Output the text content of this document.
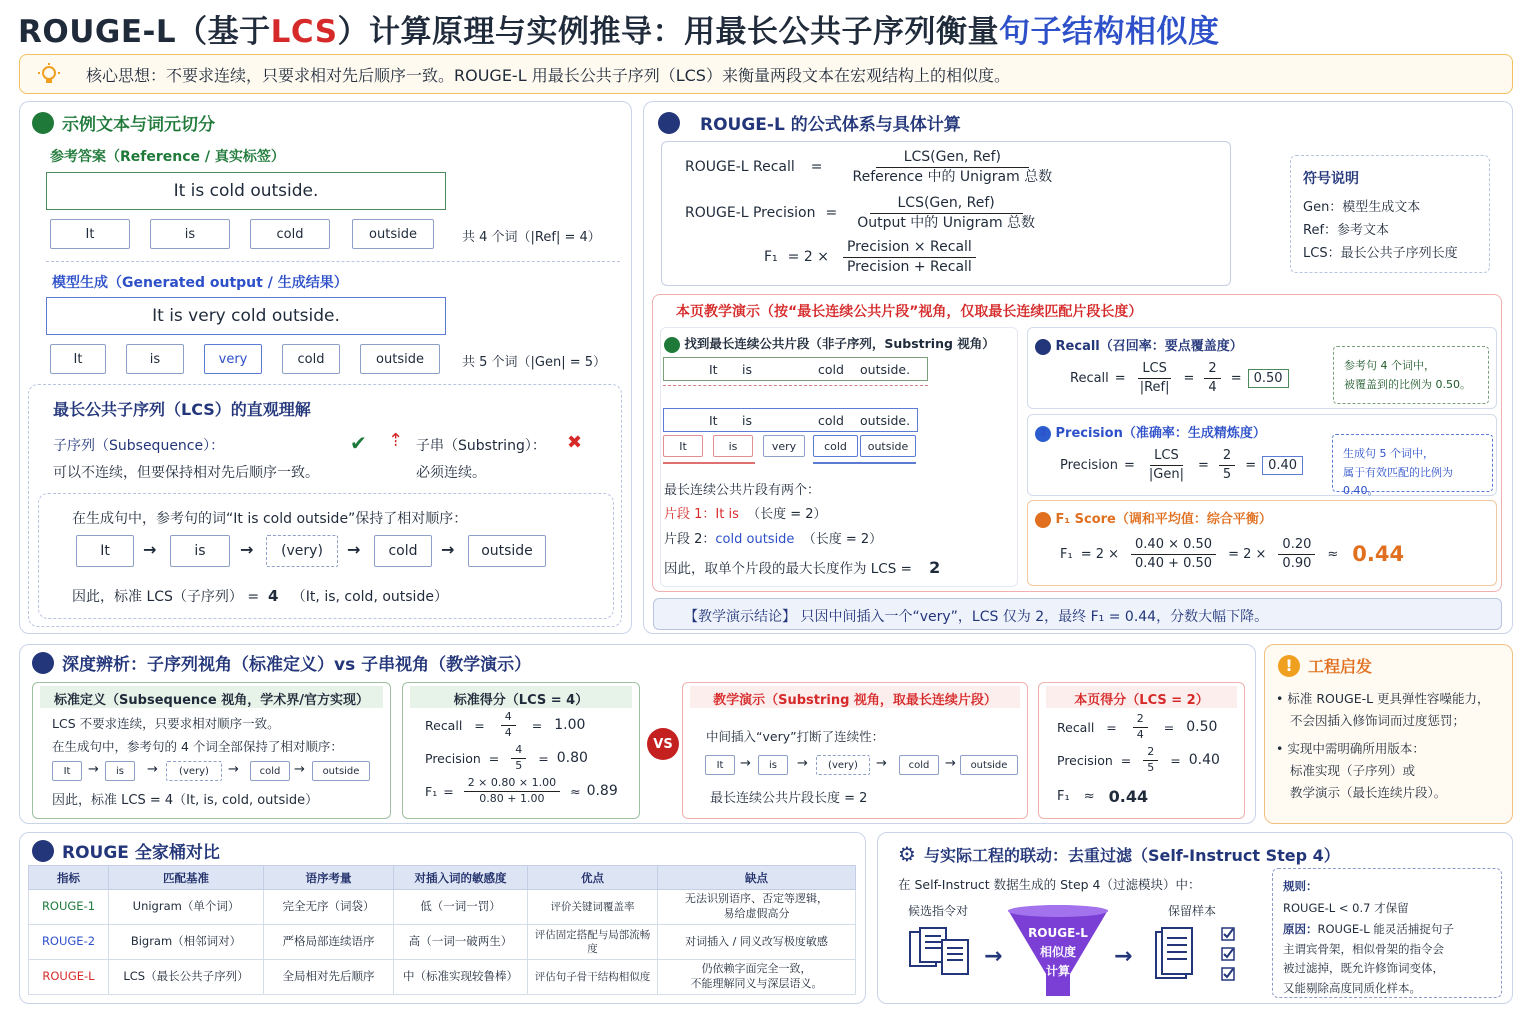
ROUGE-L（基于LCS）计算原理与实例推导：用最长公共子序列衡量句子结构相似度
核心思想：不要求连续，只要求相对先后顺序一致。ROUGE-L 用最长公共子序列（LCS）来衡量两段文本在宏观结构上的相似度。
1 示例文本与词元切分
参考答案（Reference / 真实标签）
It is cold outside.
It	is	cold	outside	共 4 个词（|Ref| = 4）
模型生成（Generated output / 生成结果）
It is very cold outside.
It	is	very	cold	outside	共 5 个词（|Gen| = 5）
最长公共子序列（LCS）的直观理解
子序列（Subsequence）：
可以不连续，但要保持相对先后顺序一致。
✔ ⇡ 子串（Substring）： ✖
必须连续。
在生成句中，参考句的词“It is cold outside”保持了相对顺序：
It	→	is	→	(very)	→	cold	→	outside
因此，标准 LCS（子序列） = 4 （It, is, cold, outside）
2	ROUGE-L 的公式体系与具体计算
ROUGE-L Recall = $\frac{\text{LCS(Gen, Ref)}}{\text{Reference 中的 Unigram 总数}}$
ROUGE-L Precision = $\frac{\text{LCS(Gen, Ref)}}{\text{Output 中的 Unigram 总数}}$
$F_1 = 2 \times \frac{\text{Precision × Recall}}{\text{Precision + Recall}}$
符号说明
Gen：模型生成文本
Ref：参考文本
LCS：最长公共子序列长度
本页教学演示（按“最长连续公共片段”视角，仅取最长连续匹配片段长度）
1 找到最长连续公共片段（非子序列，Substring 视角）
It is	cold outside.
It is	cold outside.
It	is	very	cold	outside
最长连续公共片段有两个：
片段 1：It is （长度 = 2）
片段 2：cold outside （长度 = 2）
因此，取单个片段的最大长度作为 LCS = 2
2 Recall（召回率：要点覆盖度）
Recall = $\frac{\text{LCS}}{\text{|Ref|}} = \frac{2}{4} = 0.50$
参考句 4 个词中，
被覆盖到的比例为 0.50。
3 Precision（准确率：生成精炼度）
Precision = $\frac{\text{LCS}}{\text{|Gen|}} = \frac{2}{5} = 0.40$
生成句 5 个词中，
属于有效匹配的比例为 0.40。
4 F₁ Score（调和平均值：综合平衡）
$F_1 = 2 \times \frac{0.40 \times 0.50}{0.40 + 0.50} = 2 \times \frac{0.20}{0.90} \approx 0.44$
【教学演示结论】 只因中间插入一个“very”，LCS 仅为 2，最终 F₁ = 0.44，分数大幅下降。
3 深度辨析：子序列视角（标准定义）vs 子串视角（教学演示）
标准定义（Subsequence 视角，学术界/官方实现）
LCS 不要求连续，只要求相对顺序一致。
在生成句中，参考句的 4 个词全部保持了相对顺序：
It	→	is	→	(very)	→	cold	→	outside
因此，标准 LCS = 4（It, is, cold, outside）
标准得分（LCS = 4）
Recall = $\frac{4}{4} = 1.00$
Precision = $\frac{4}{5} = 0.80$
$F_1 = \frac{2 \times 0.80 \times 1.00}{0.80 + 1.00} \approx 0.89$
VS
教学演示（Substring 视角，取最长连续片段）
中间插入“very”打断了连续性：
It	→	is	→	(very)	→	cold	→	outside
最长连续公共片段长度 = 2
本页得分（LCS = 2）
Recall = $\frac{2}{4} = 0.50$
Precision = $\frac{2}{5} = 0.40$
F₁ ≈ 0.44
! 工程启发
• 标准 ROUGE-L 更具弹性容噪能力，
不会因插入修饰词而过度惩罚；
• 实现中需明确所用版本：
标准实现（子序列）或
教学演示（最长连续片段）。
4 ROUGE 全家桶对比
指标	匹配基准	语序考量	对插入词的敏感度	优点	缺点
ROUGE-1	Unigram（单个词）	完全无序（词袋）	低（一词一罚）	评价关键词覆盖率	无法识别语序、否定等逻辑，
易给虚假高分
ROUGE-2	Bigram（相邻词对）	严格局部连续语序	高（一词一破两生）	评估固定搭配与局部流畅度	对词插入 / 同义改写极度敏感
ROUGE-L	LCS（最长公共子序列）	全局相对先后顺序	中（标准实现较鲁棒）	评估句子骨干结构相似度	仍依赖字面完全一致，
不能理解同义与深层语义。
⚙ 与实际工程的联动：去重过滤（Self-Instruct Step 4）
在 Self-Instruct 数据生成的 Step 4（过滤模块）中：
候选指令对
→
ROUGE-L
相似度
计算
→
保留样本
规则：
ROUGE-L < 0.7 才保留
原因：ROUGE-L 能灵活捕捉句子
主谓宾骨架，相似骨架的指令会
被过滤掉，既允许修饰词变体，
又能剔除高度同质化样本。
